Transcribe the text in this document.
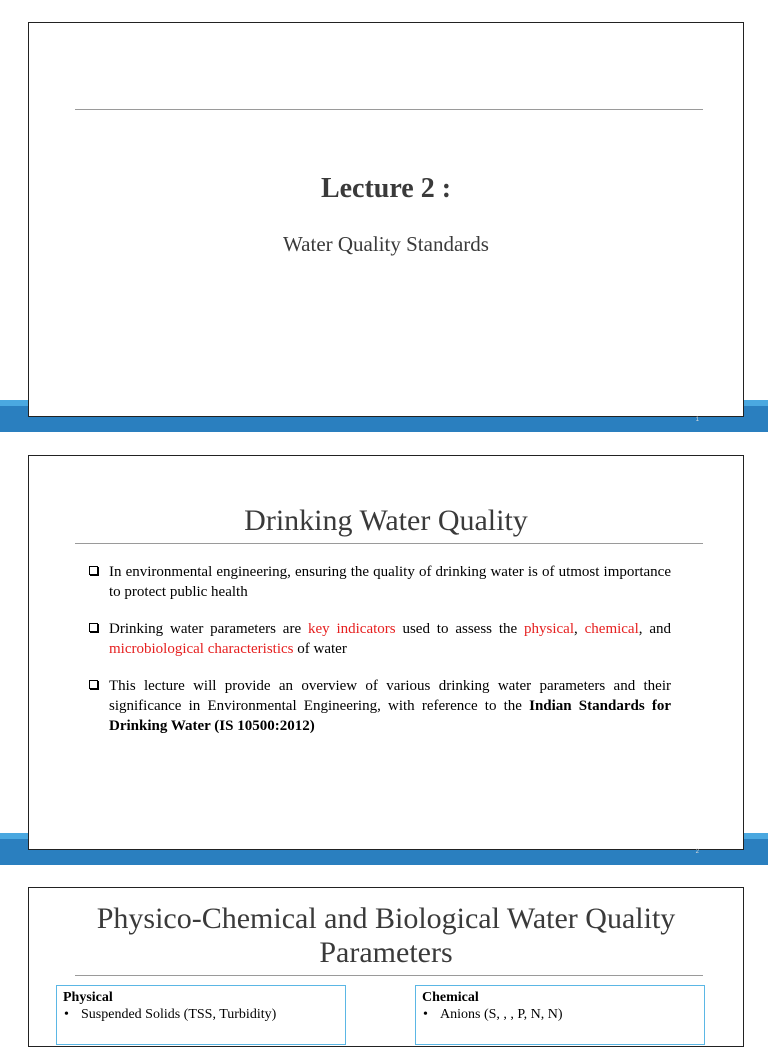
Lecture 2 :
Water Quality Standards
1
Drinking Water Quality
In environmental engineering, ensuring the quality of drinking water is of utmost importance to protect public health
Drinking water parameters are key indicators used to assess the physical, chemical, and microbiological characteristics of water
This lecture will provide an overview of various drinking water parameters and their significance in Environmental Engineering, with reference to the Indian Standards for Drinking Water (IS 10500:2012)
2
Physico-Chemical and Biological Water Quality Parameters
Physical
• Suspended Solids (TSS, Turbidity)
Chemical
• Anions (S, , , P, N, N)
